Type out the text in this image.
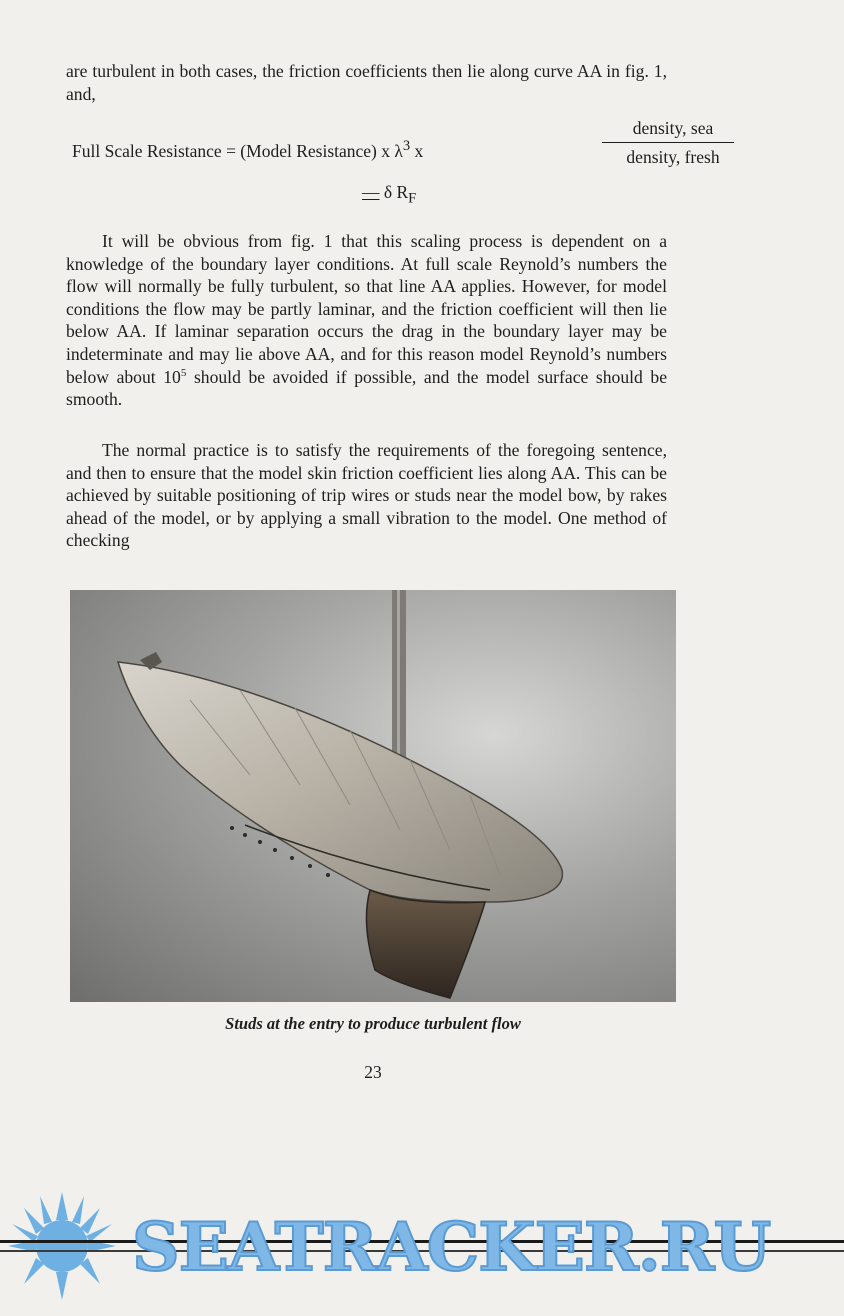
are turbulent in both cases, the friction coefficients then lie along curve AA in fig. 1, and,

Full Scale Resistance = (Model Resistance) x $\lambda^3$ x
density, sea
density, fresh
— δ $R_F$

It will be obvious from fig. 1 that this scaling process is dependent on a knowledge of the boundary layer conditions. At full scale Reynold’s numbers the flow will normally be fully turbulent, so that line AA applies. However, for model conditions the flow may be partly laminar, and the friction coefficient will then lie below AA. If laminar separation occurs the drag in the boundary layer may be indeterminate and may lie above AA, and for this reason model Reynold’s numbers below about $10^5$ should be avoided if possible, and the model surface should be smooth.

The normal practice is to satisfy the requirements of the foregoing sentence, and then to ensure that the model skin friction coefficient lies along AA. This can be achieved by suitable positioning of trip wires or studs near the model bow, by rakes ahead of the model, or by applying a small vibration to the model. One method of checking

Studs at the entry to produce turbulent flow
23
SEATRACKER.RU
